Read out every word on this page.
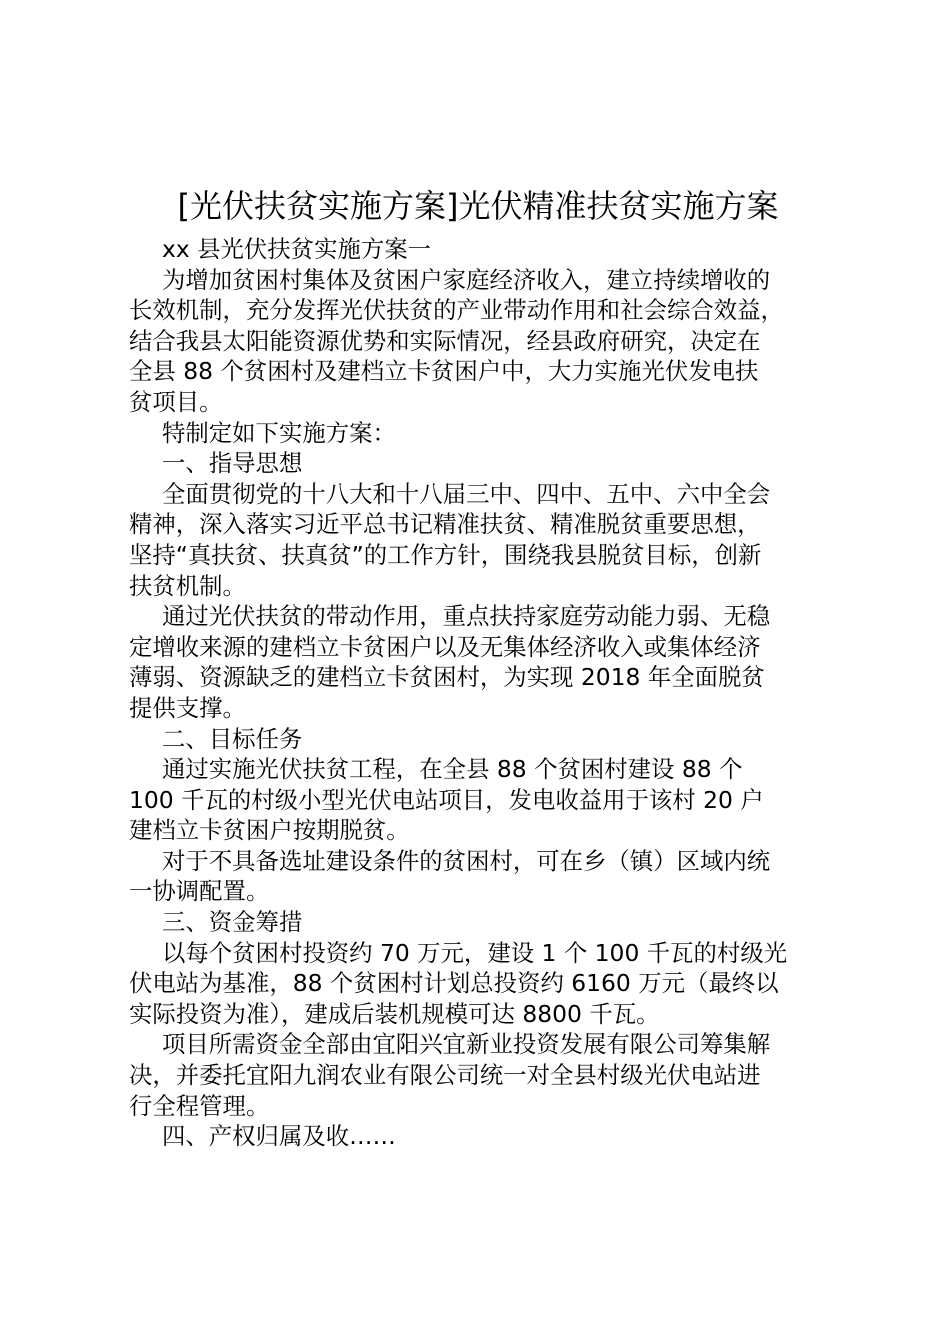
[光伏扶贫实施方案]光伏精准扶贫实施方案
xx 县光伏扶贫实施方案一
为增加贫困村集体及贫困户家庭经济收入，建立持续增收的
长效机制，充分发挥光伏扶贫的产业带动作用和社会综合效益，
结合我县太阳能资源优势和实际情况，经县政府研究，决定在
全县 88 个贫困村及建档立卡贫困户中，大力实施光伏发电扶
贫项目。
特制定如下实施方案：
一、指导思想
全面贯彻党的十八大和十八届三中、四中、五中、六中全会
精神，深入落实习近平总书记精准扶贫、精准脱贫重要思想，
坚持“真扶贫、扶真贫”的工作方针，围绕我县脱贫目标，创新
扶贫机制。
通过光伏扶贫的带动作用，重点扶持家庭劳动能力弱、无稳
定增收来源的建档立卡贫困户以及无集体经济收入或集体经济
薄弱、资源缺乏的建档立卡贫困村，为实现 2018 年全面脱贫
提供支撑。
二、目标任务
通过实施光伏扶贫工程，在全县 88 个贫困村建设 88 个
100 千瓦的村级小型光伏电站项目，发电收益用于该村 20 户
建档立卡贫困户按期脱贫。
对于不具备选址建设条件的贫困村，可在乡（镇）区域内统
一协调配置。
三、资金筹措
以每个贫困村投资约 70 万元，建设 1 个 100 千瓦的村级光
伏电站为基准，88 个贫困村计划总投资约 6160 万元（最终以
实际投资为准），建成后装机规模可达 8800 千瓦。
项目所需资金全部由宜阳兴宜新业投资发展有限公司筹集解
决，并委托宜阳九润农业有限公司统一对全县村级光伏电站进
行全程管理。
四、产权归属及收……
